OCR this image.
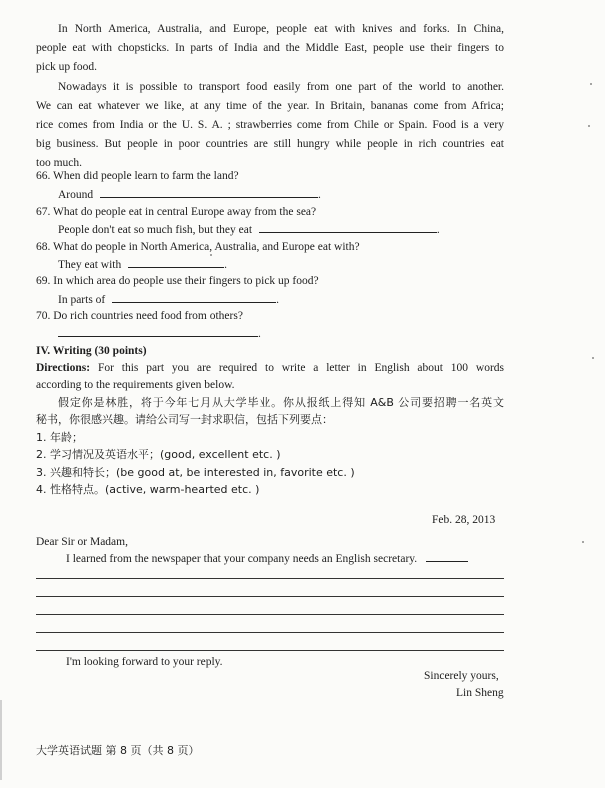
In North America, Australia, and Europe, people eat with knives and forks. In China,
people eat with chopsticks. In parts of India and the Middle East, people use their fingers to
pick up food.
Nowadays it is possible to transport food easily from one part of the world to another.
We can eat whatever we like, at any time of the year. In Britain, bananas come from Africa;
rice comes from India or the U. S. A. ; strawberries come from Chile or Spain. Food is a very
big business. But people in poor countries are still hungry while people in rich countries eat
too much.
66. When did people learn to farm the land?
Around	.
67. What do people eat in central Europe away from the sea?
People don't eat so much fish, but they eat	.
68. What do people in North America, Australia, and Europe eat with?
They eat with	.
69. In which area do people use their fingers to pick up food?
In parts of	.
70. Do rich countries need food from others?
.
IV. Writing (30 points)
Directions: For this part you are required to write a letter in English about 100 words
according to the requirements given below.
假定你是林胜，将于今年七月从大学毕业。你从报纸上得知 A&B 公司要招聘一名英文
秘书，你很感兴趣。请给公司写一封求职信，包括下列要点：
1. 年龄；
2. 学习情况及英语水平；(good, excellent etc. )
3. 兴趣和特长；(be good at, be interested in, favorite etc. )
4. 性格特点。(active, warm-hearted etc. )
Feb. 28, 2013
Dear Sir or Madam,
I learned from the newspaper that your company needs an English secretary.
I'm looking forward to your reply.
Sincerely yours,
Lin Sheng
大学英语试题 第 8 页（共 8 页）
